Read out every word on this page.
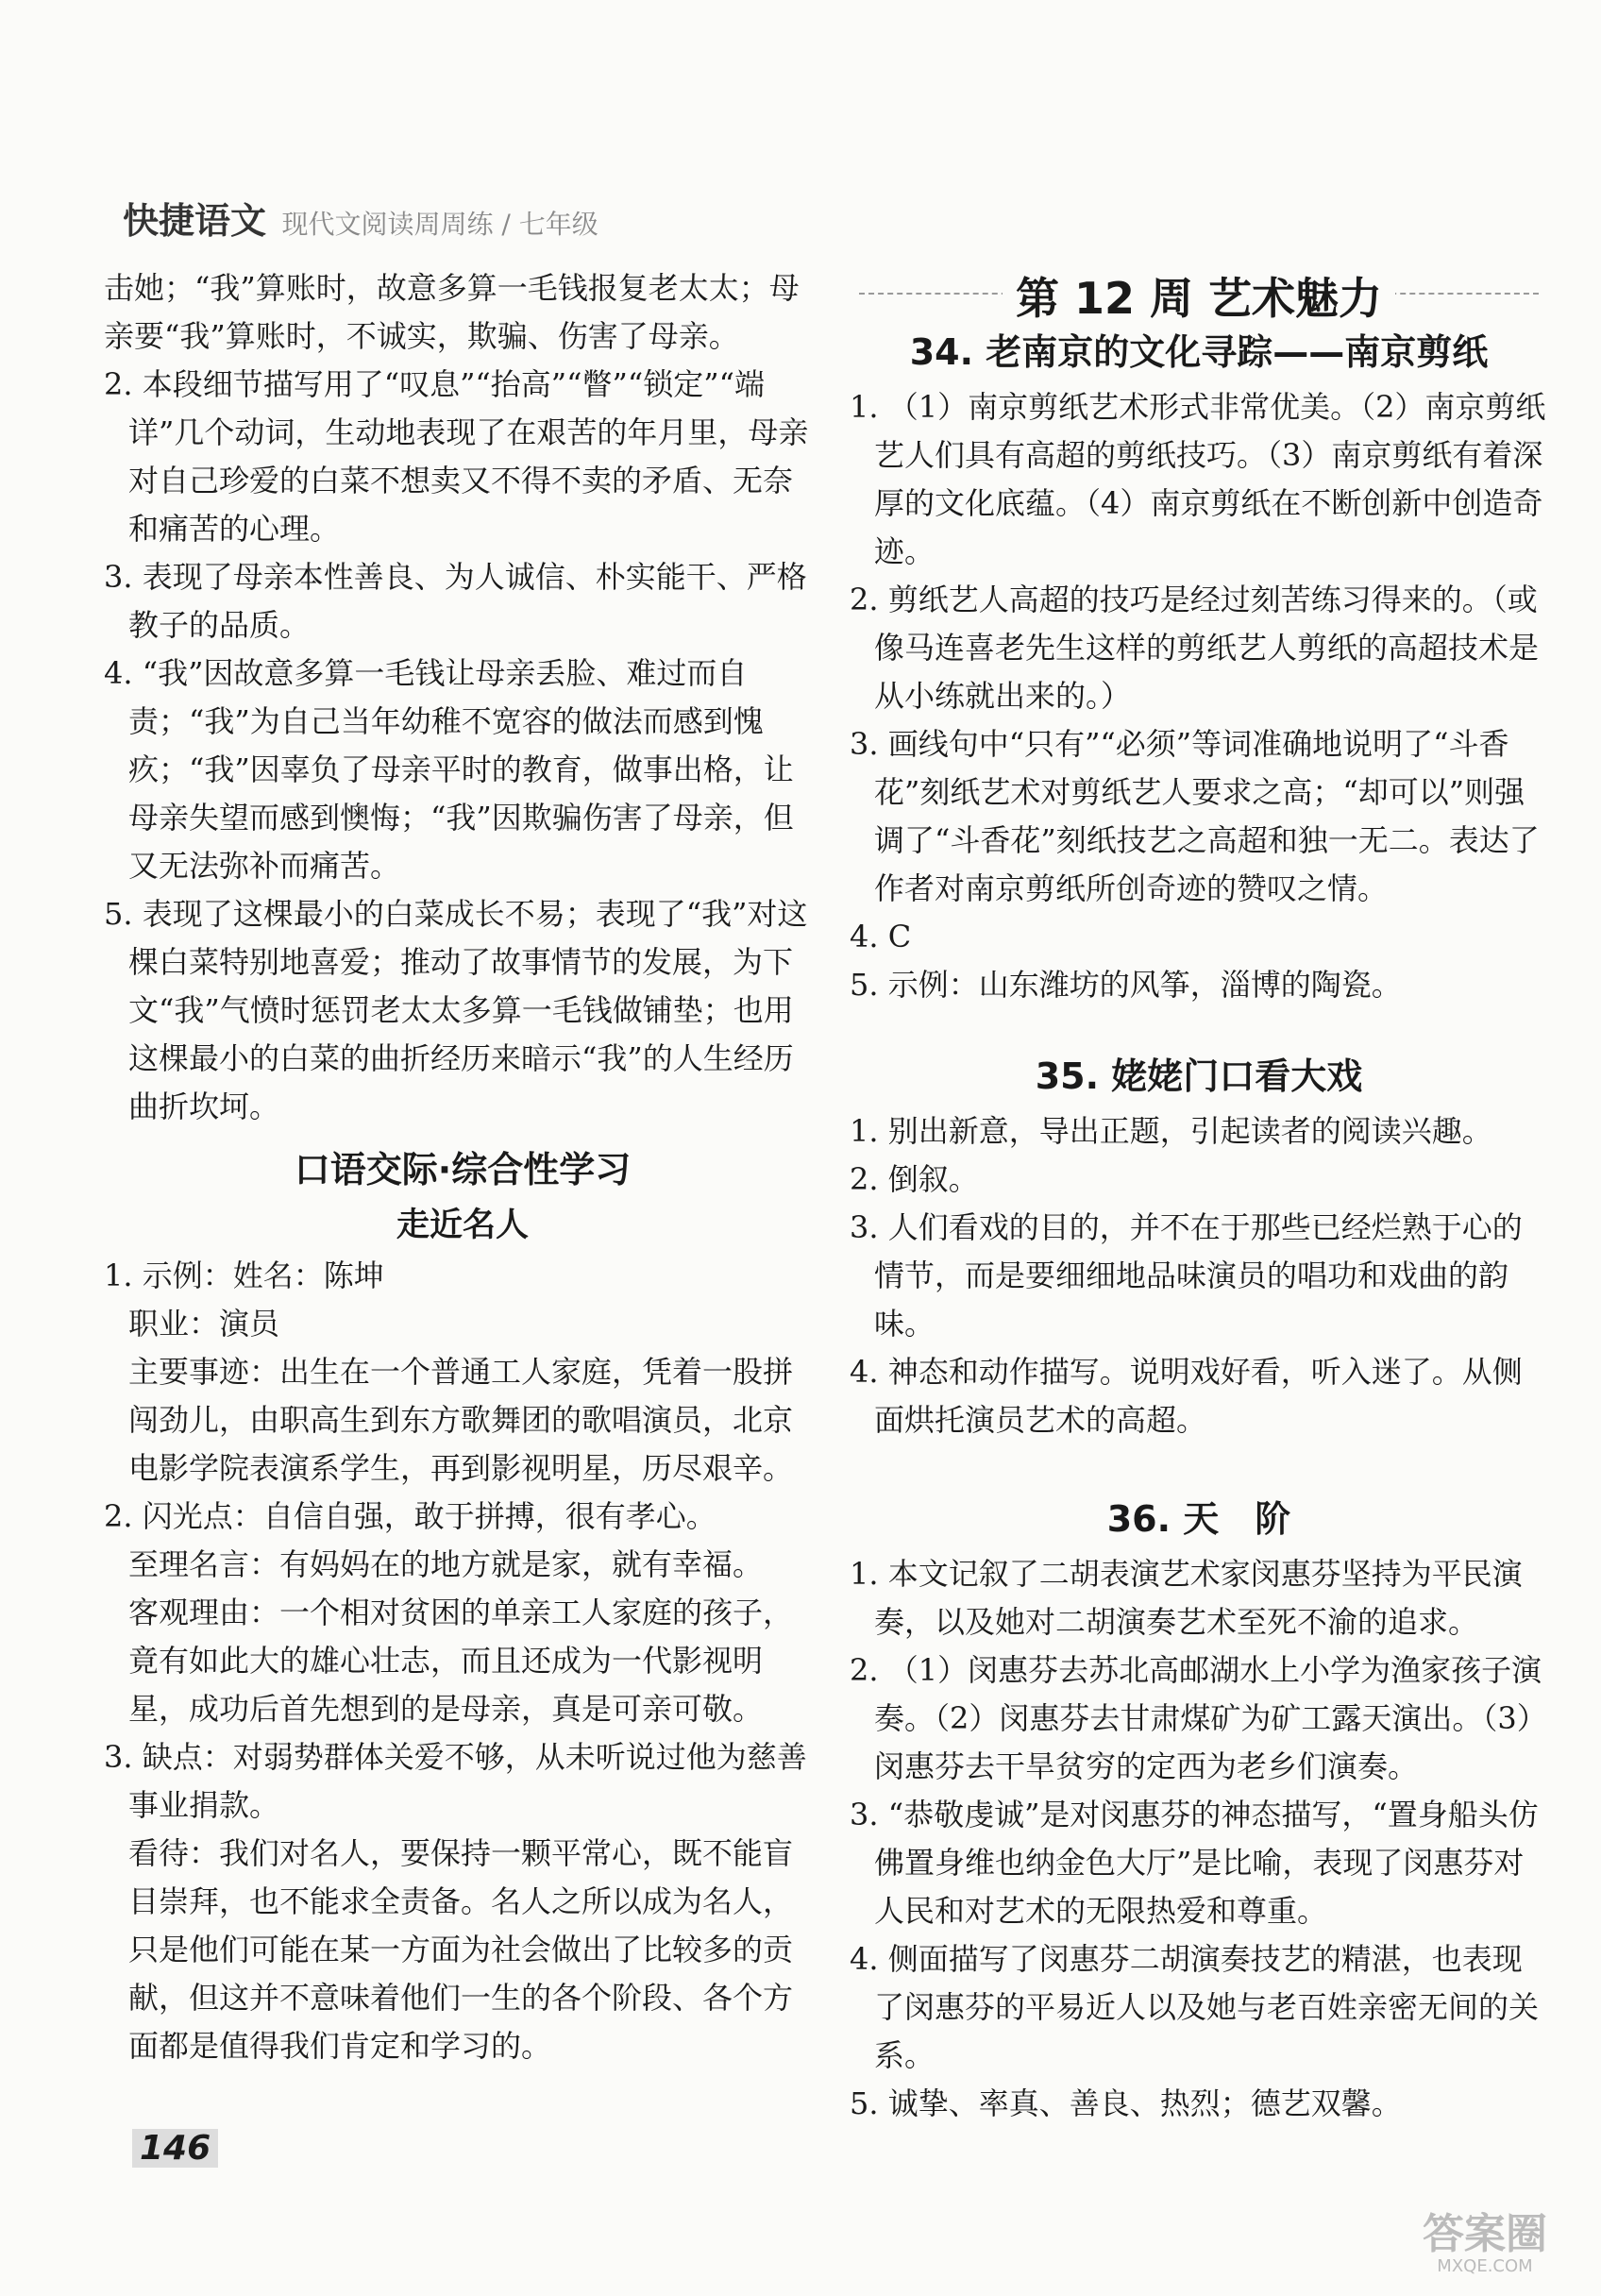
快捷语文 现代文阅读周周练 / 七年级

击她；“我”算账时，故意多算一毛钱报复老太太；母亲要“我”算账时，不诚实，欺骗、伤害了母亲。

2. 本段细节描写用了“叹息”“抬高”“瞥”“锁定”“端详”几个动词，生动地表现了在艰苦的年月里，母亲对自己珍爱的白菜不想卖又不得不卖的矛盾、无奈和痛苦的心理。

3. 表现了母亲本性善良、为人诚信、朴实能干、严格教子的品质。

4. “我”因故意多算一毛钱让母亲丢脸、难过而自责；“我”为自己当年幼稚不宽容的做法而感到愧疚；“我”因辜负了母亲平时的教育，做事出格，让母亲失望而感到懊悔；“我”因欺骗伤害了母亲，但又无法弥补而痛苦。

5. 表现了这棵最小的白菜成长不易；表现了“我”对这棵白菜特别地喜爱；推动了故事情节的发展，为下文“我”气愤时惩罚老太太多算一毛钱做铺垫；也用这棵最小的白菜的曲折经历来暗示“我”的人生经历曲折坎坷。

口语交际·综合性学习

走近名人

1. 示例：姓名：陈坤

职业：演员

主要事迹：出生在一个普通工人家庭，凭着一股拼闯劲儿，由职高生到东方歌舞团的歌唱演员，北京电影学院表演系学生，再到影视明星，历尽艰辛。

2. 闪光点：自信自强，敢于拼搏，很有孝心。

至理名言：有妈妈在的地方就是家，就有幸福。

客观理由：一个相对贫困的单亲工人家庭的孩子，竟有如此大的雄心壮志，而且还成为一代影视明星，成功后首先想到的是母亲，真是可亲可敬。

3. 缺点：对弱势群体关爱不够，从未听说过他为慈善事业捐款。

看待：我们对名人，要保持一颗平常心，既不能盲目崇拜，也不能求全责备。名人之所以成为名人，只是他们可能在某一方面为社会做出了比较多的贡献，但这并不意味着他们一生的各个阶段、各个方面都是值得我们肯定和学习的。

第 12 周 艺术魅力

34. 老南京的文化寻踪——南京剪纸

1. （1）南京剪纸艺术形式非常优美。（2）南京剪纸艺人们具有高超的剪纸技巧。（3）南京剪纸有着深厚的文化底蕴。（4）南京剪纸在不断创新中创造奇迹。

2. 剪纸艺人高超的技巧是经过刻苦练习得来的。（或像马连喜老先生这样的剪纸艺人剪纸的高超技术是从小练就出来的。）

3. 画线句中“只有”“必须”等词准确地说明了“斗香花”刻纸艺术对剪纸艺人要求之高；“却可以”则强调了“斗香花”刻纸技艺之高超和独一无二。表达了作者对南京剪纸所创奇迹的赞叹之情。

4. C

5. 示例：山东潍坊的风筝，淄博的陶瓷。

35. 姥姥门口看大戏

1. 别出新意，导出正题，引起读者的阅读兴趣。

2. 倒叙。

3. 人们看戏的目的，并不在于那些已经烂熟于心的情节，而是要细细地品味演员的唱功和戏曲的韵味。

4. 神态和动作描写。说明戏好看，听入迷了。从侧面烘托演员艺术的高超。

36. 天　阶

1. 本文记叙了二胡表演艺术家闵惠芬坚持为平民演奏，以及她对二胡演奏艺术至死不渝的追求。

2. （1）闵惠芬去苏北高邮湖水上小学为渔家孩子演奏。（2）闵惠芬去甘肃煤矿为矿工露天演出。（3）闵惠芬去干旱贫穷的定西为老乡们演奏。

3. “恭敬虔诚”是对闵惠芬的神态描写，“置身船头仿佛置身维也纳金色大厅”是比喻，表现了闵惠芬对人民和对艺术的无限热爱和尊重。

4. 侧面描写了闵惠芬二胡演奏技艺的精湛，也表现了闵惠芬的平易近人以及她与老百姓亲密无间的关系。

5. 诚挚、率真、善良、热烈；德艺双馨。

146
答案圈
MXQE.COM
